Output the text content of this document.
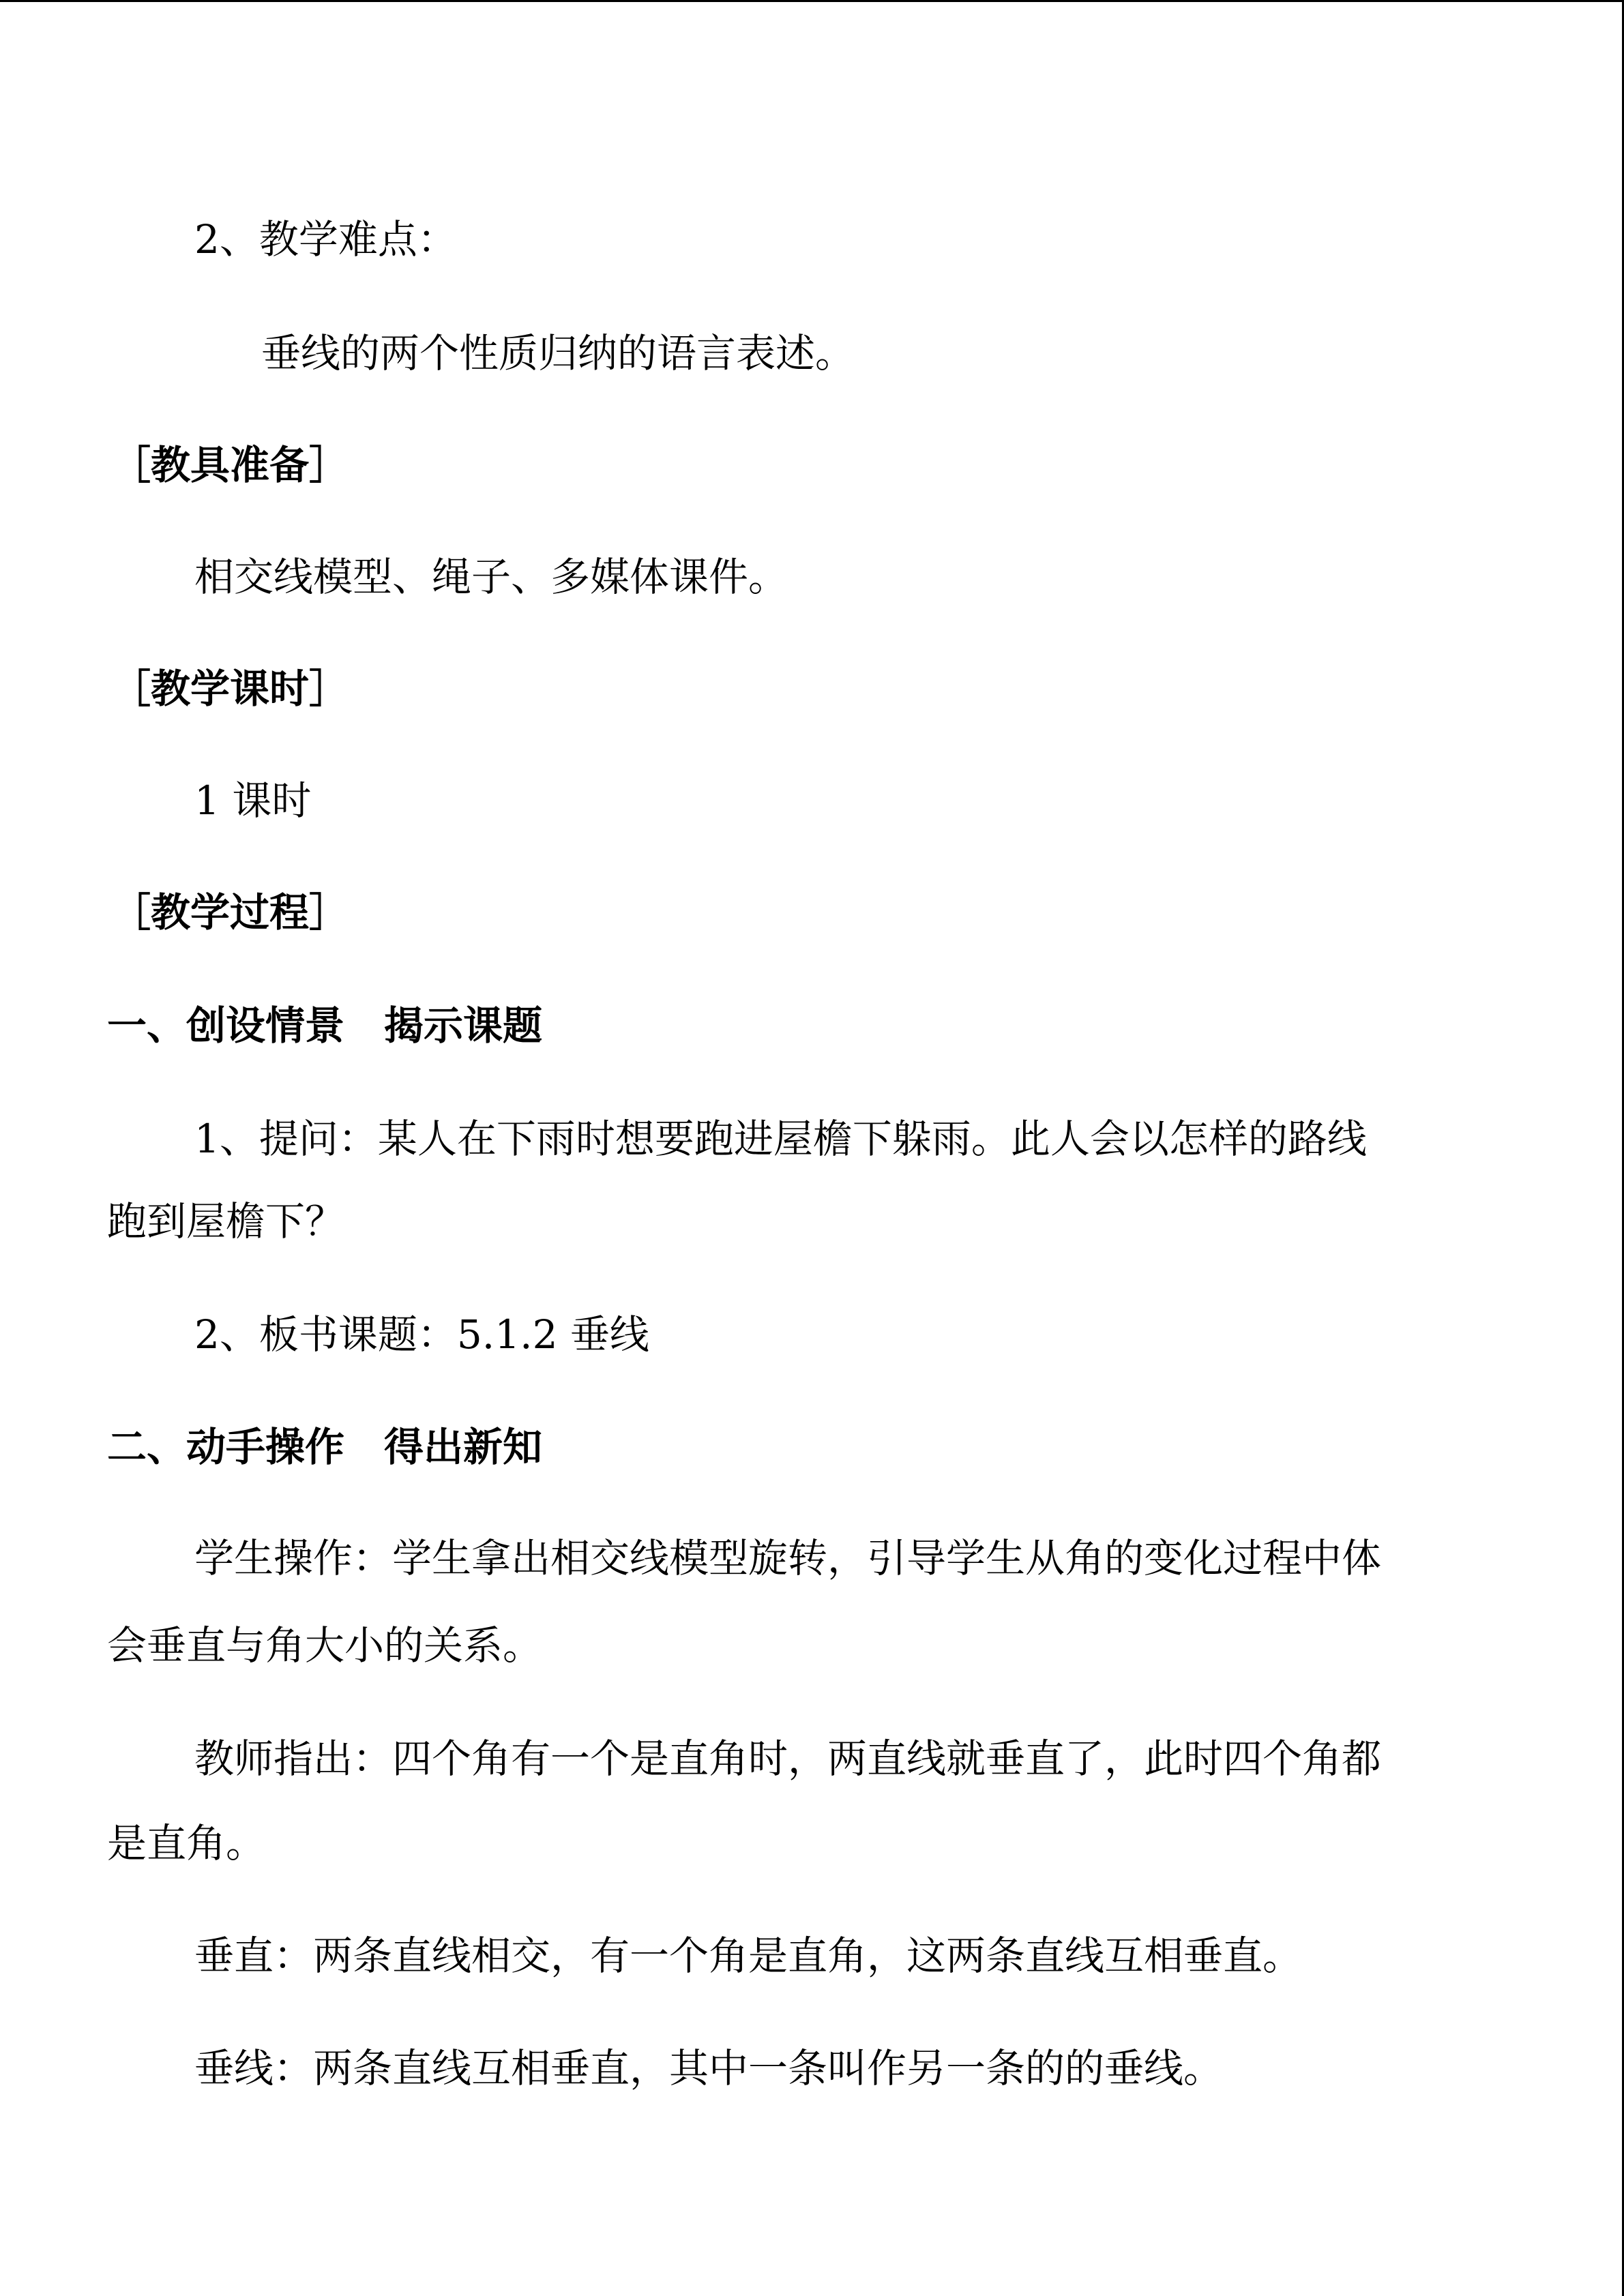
2、教学难点：
垂线的两个性质归纳的语言表述。
［教具准备］
相交线模型、绳子、多媒体课件。
［教学课时］
1 课时
［教学过程］
一、创设情景　揭示课题
1、提问：某人在下雨时想要跑进屋檐下躲雨。此人会以怎样的路线
跑到屋檐下？
2、板书课题：5.1.2 垂线
二、动手操作　得出新知
学生操作：学生拿出相交线模型旋转，引导学生从角的变化过程中体
会垂直与角大小的关系。
教师指出：四个角有一个是直角时，两直线就垂直了，此时四个角都
是直角。
垂直：两条直线相交，有一个角是直角，这两条直线互相垂直。
垂线：两条直线互相垂直，其中一条叫作另一条的的垂线。
